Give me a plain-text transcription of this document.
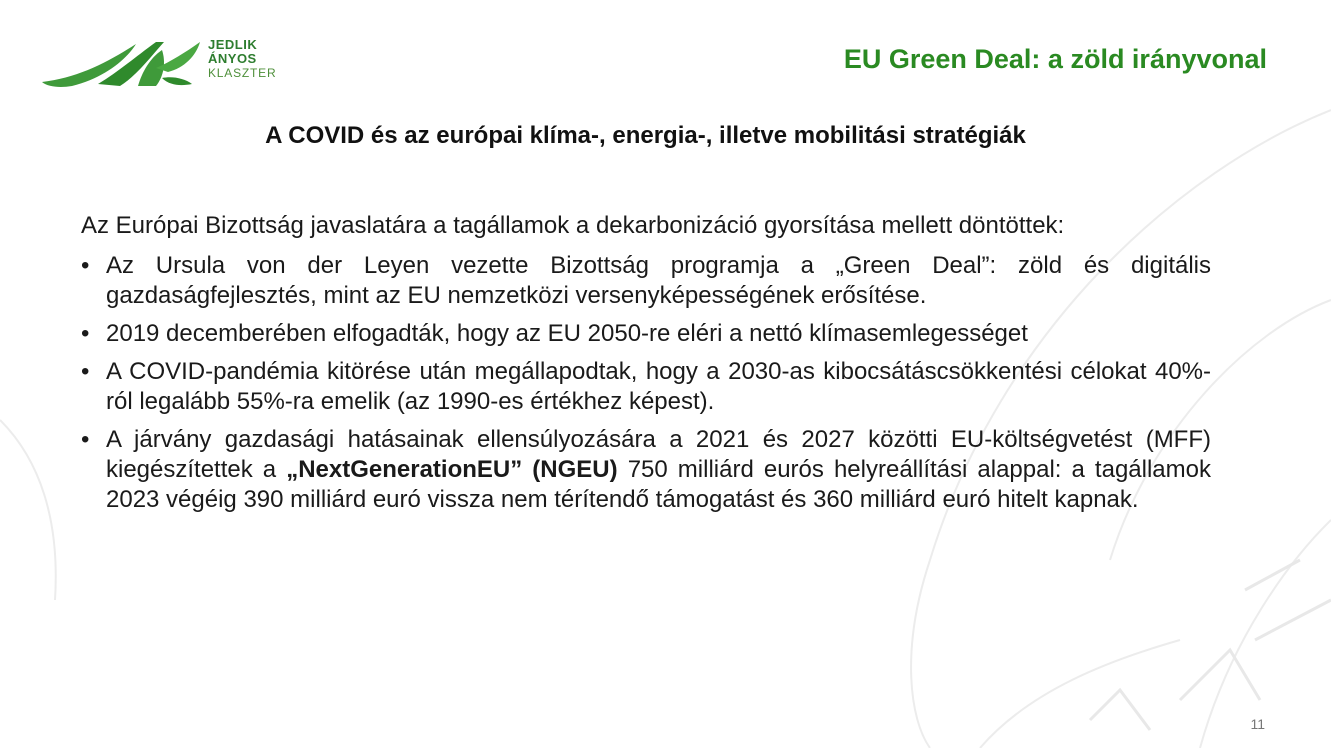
JEDLIK
ÁNYOS
KLASZTER	EU Green Deal: a zöld irányvonal
A COVID és az európai klíma-, energia-, illetve mobilitási stratégiák

Az Európai Bizottság javaslatára a tagállamok a dekarbonizáció gyorsítása mellett döntöttek:

• Az Ursula von der Leyen vezette Bizottság programja a „Green Deal”: zöld és digitális gazdaságfejlesztés, mint az EU nemzetközi versenyképességének erősítése.
• 2019 decemberében elfogadták, hogy az EU 2050-re eléri a nettó klímasemlegességet
• A COVID-pandémia kitörése után megállapodtak, hogy a 2030-as kibocsátáscsökkentési célokat 40%-ról legalább 55%-ra emelik (az 1990-es értékhez képest).
• A járvány gazdasági hatásainak ellensúlyozására a 2021 és 2027 közötti EU-költségvetést (MFF) kiegészítettek a „NextGenerationEU” (NGEU) 750 milliárd eurós helyreállítási alappal: a tagállamok 2023 végéig 390 milliárd euró vissza nem térítendő támogatást és 360 milliárd euró hitelt kapnak.
11
